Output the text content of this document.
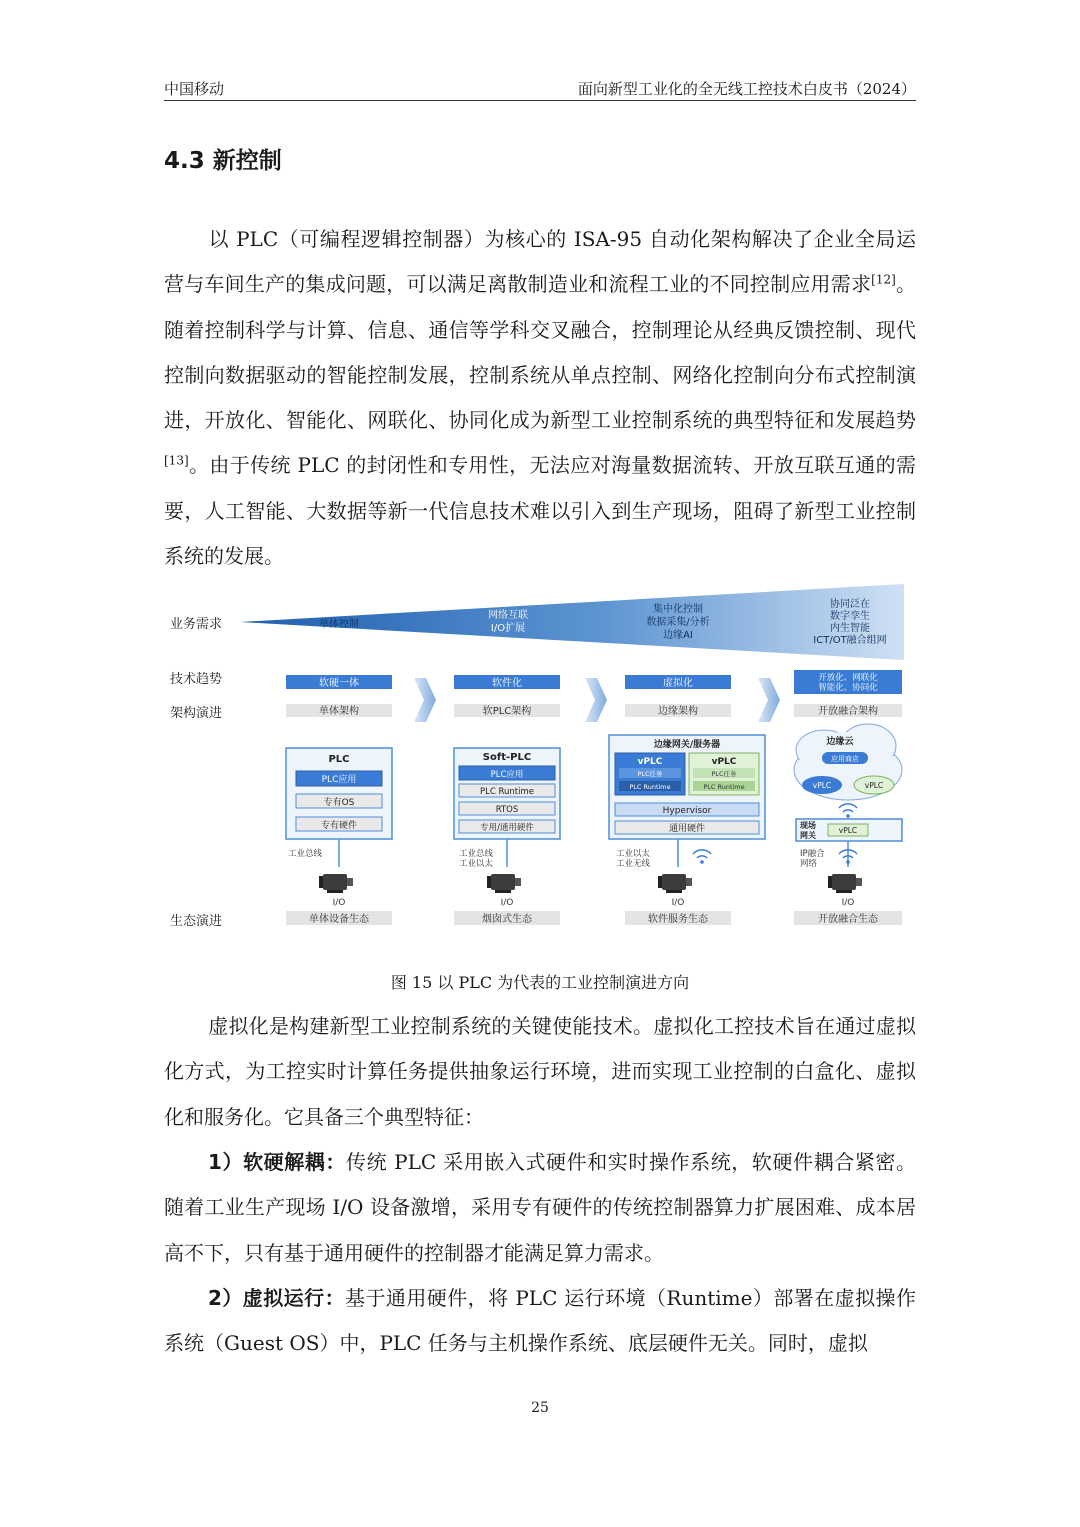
中国移动	面向新型工业化的全无线工控技术白皮书（2024）
4.3 新控制

以 PLC（可编程逻辑控制器）为核心的 ISA-95 自动化架构解决了企业全局运营与车间生产的集成问题，可以满足离散制造业和流程工业的不同控制应用需求[12]。随着控制科学与计算、信息、通信等学科交叉融合，控制理论从经典反馈控制、现代控制向数据驱动的智能控制发展，控制系统从单点控制、网络化控制向分布式控制演进，开放化、智能化、网联化、协同化成为新型工业控制系统的典型特征和发展趋势[13]。由于传统 PLC 的封闭性和专用性，无法应对海量数据流转、开放互联互通的需要，人工智能、大数据等新一代信息技术难以引入到生产现场，阻碍了新型工业控制系统的发展。

业务需求
技术趋势
架构演进
生态演进
单体控制
网络互联
I/O扩展
集中化控制
数据采集/分析
边缘AI
协同泛在
数字孪生
内生智能
ICT/OT融合组网
软硬一体	软件化	虚拟化	开放化、网联化
智能化、协同化
单体架构	软PLC架构	边缘架构	开放融合架构
PLC
PLC应用
专有OS
专有硬件
工业总线
Soft-PLC
PLC应用
PLC Runtime
RTOS
专用/通用硬件
工业总线
工业以太
边缘网关/服务器
vPLC
PLC任务
PLC Runtime
vPLC
PLC任务
PLC Runtime
Hypervisor
通用硬件
工业以太
工业无线
边缘云
应用商店
vPLC	vPLC
现场
网关
vPLC
IP融合
网络
I/O	I/O	I/O	I/O
单体设备生态	烟囱式生态	软件服务生态	开放融合生态
图 15 以 PLC 为代表的工业控制演进方向

虚拟化是构建新型工业控制系统的关键使能技术。虚拟化工控技术旨在通过虚拟化方式，为工控实时计算任务提供抽象运行环境，进而实现工业控制的白盒化、虚拟化和服务化。它具备三个典型特征：

1）软硬解耦：传统 PLC 采用嵌入式硬件和实时操作系统，软硬件耦合紧密。随着工业生产现场 I/O 设备激增，采用专有硬件的传统控制器算力扩展困难、成本居高不下，只有基于通用硬件的控制器才能满足算力需求。

2）虚拟运行：基于通用硬件，将 PLC 运行环境（Runtime）部署在虚拟操作系统（Guest OS）中，PLC 任务与主机操作系统、底层硬件无关。同时，虚拟

25
